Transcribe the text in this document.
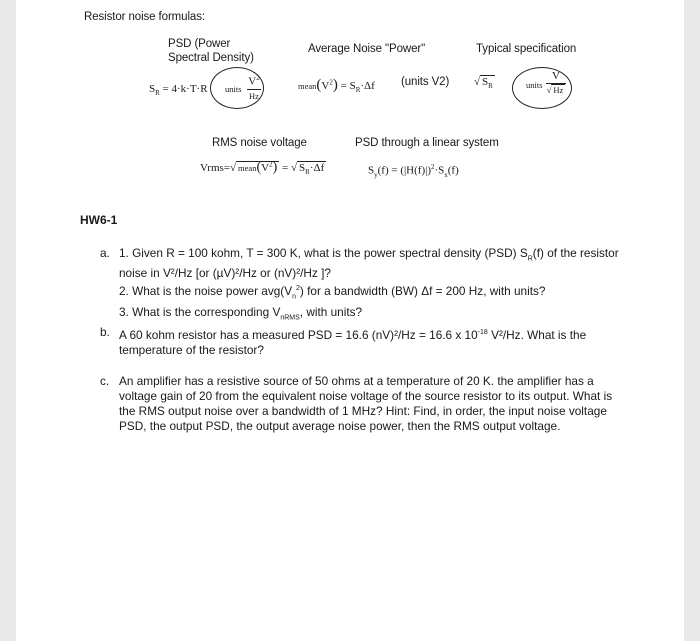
Resistor noise formulas:
PSD (Power
Spectral Density)
Average Noise "Power"	Typical specification
$S_R = 4\cdot k\cdot T\cdot R$ units
$V^2$
Hz
$mean(V^2) = S_R\cdot\Delta f$ (units V2) √ $S_R$	units
V
√ Hz
RMS noise voltage	PSD through a linear system
Vrms=√ $mean(V^2)$ = √ $S_R\cdot\Delta f$	$S_y(f) = (|H(f)|)^2\cdot S_x(f)$
HW6-1
a. 1. Given R = 100 kohm, T = 300 K, what is the power spectral density (PSD) $S_R(f)$ of the resistor
noise in V²/Hz [or (µV)²/Hz or (nV)²/Hz ]?
2. What is the noise power $avg(V_n^2)$ for a bandwidth (BW) Δf = 200 Hz, with units?
3. What is the corresponding $V_{nRMS}$, with units?
b. A 60 kohm resistor has a measured PSD = 16.6 (nV)²/Hz = 16.6 x $10^{-18}$ V²/Hz. What is the
temperature of the resistor?
c. An amplifier has a resistive source of 50 ohms at a temperature of 20 K. the amplifier has a
voltage gain of 20 from the equivalent noise voltage of the source resistor to its output. What is
the RMS output noise over a bandwidth of 1 MHz? Hint: Find, in order, the input noise voltage
PSD, the output PSD, the output average noise power, then the RMS output voltage.
